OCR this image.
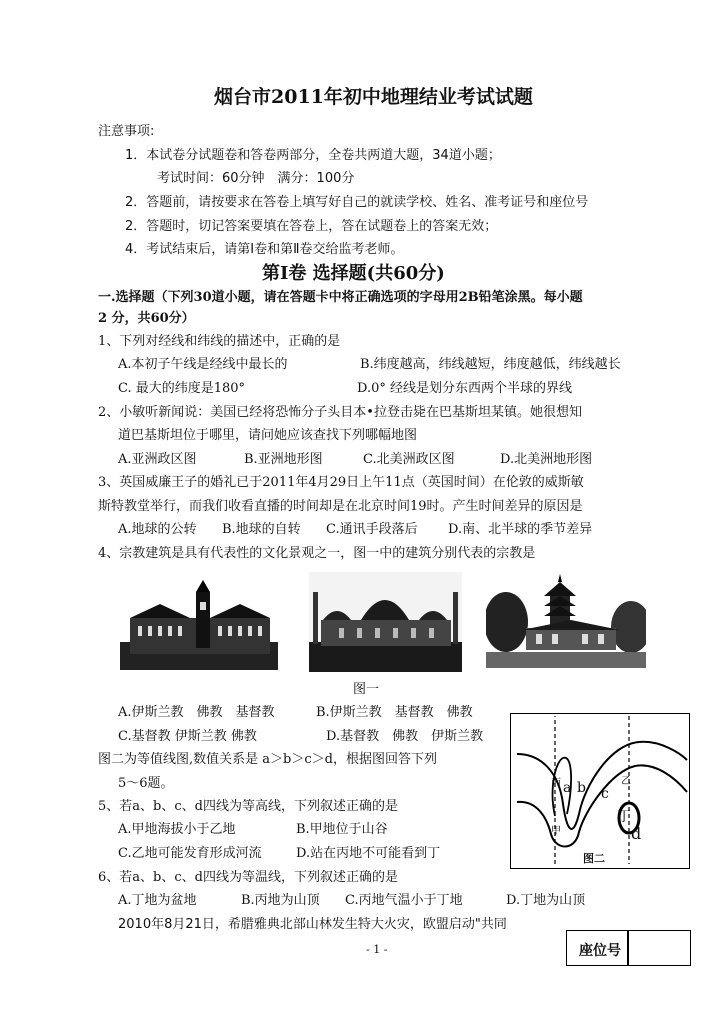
烟台市2011年初中地理结业考试试题
注意事项:
1．本试卷分试题卷和答卷两部分，全卷共两道大题，34道小题；
考试时间：60分钟　满分：100分
2．答题前，请按要求在答卷上填写好自己的就读学校、姓名、准考证号和座位号
2．答题时，切记答案要填在答卷上，答在试题卷上的答案无效；
4．考试结束后，请第Ⅰ卷和第Ⅱ卷交给监考老师。
第Ⅰ卷 选择题(共60分)
一.选择题（下列30道小题，请在答题卡中将正确选项的字母用2B铅笔涂黑。每小题
2 分，共60分）
1、下列对经线和纬线的描述中，正确的是
A.本初子午线是经线中最长的	B.纬度越高，纬线越短，纬度越低，纬线越长
C. 最大的纬度是180°	D.0° 经线是划分东西两个半球的界线
2、小敏听新闻说：美国已经将恐怖分子头目本•拉登击毙在巴基斯坦某镇。她很想知
道巴基斯坦位于哪里，请问她应该查找下列哪幅地图
A.亚洲政区图	B.亚洲地形图	C.北美洲政区图	D.北美洲地形图
3、英国威廉王子的婚礼已于2011年4月29日上午11点（英国时间）在伦敦的威斯敏
斯特教堂举行，而我们收看直播的时间却是在北京时间19时。产生时间差异的原因是
A.地球的公转 B.地球的自转 C.通讯手段落后 D.南、北半球的季节差异
4、宗教建筑是具有代表性的文化景观之一，图一中的建筑分别代表的宗教是
图一
A.伊斯兰教　佛教　基督教	B.伊斯兰教　基督教　佛教
C.基督教 伊斯兰教 佛教	D.基督教　佛教　伊斯兰教
图二为等值线图,数值关系是 a＞b＞c＞d，根据图回答下列
5～6题。
5、若a、b、c、d四线为等高线，下列叙述正确的是
A.甲地海拔小于乙地	B.甲地位于山谷
C.乙地可能发育形成河流	D.站在丙地不可能看到丁
6、若a、b、c、d四线为等温线，下列叙述正确的是
A.丁地为盆地	B.丙地为山顶 C.丙地气温小于丁地	D.丁地为山顶
2010年8月21日，希腊雅典北部山林发生特大火灾，欧盟启动"共同
丙	乙
甲
丁
a b c
d
图二
- 1 -	座位号
